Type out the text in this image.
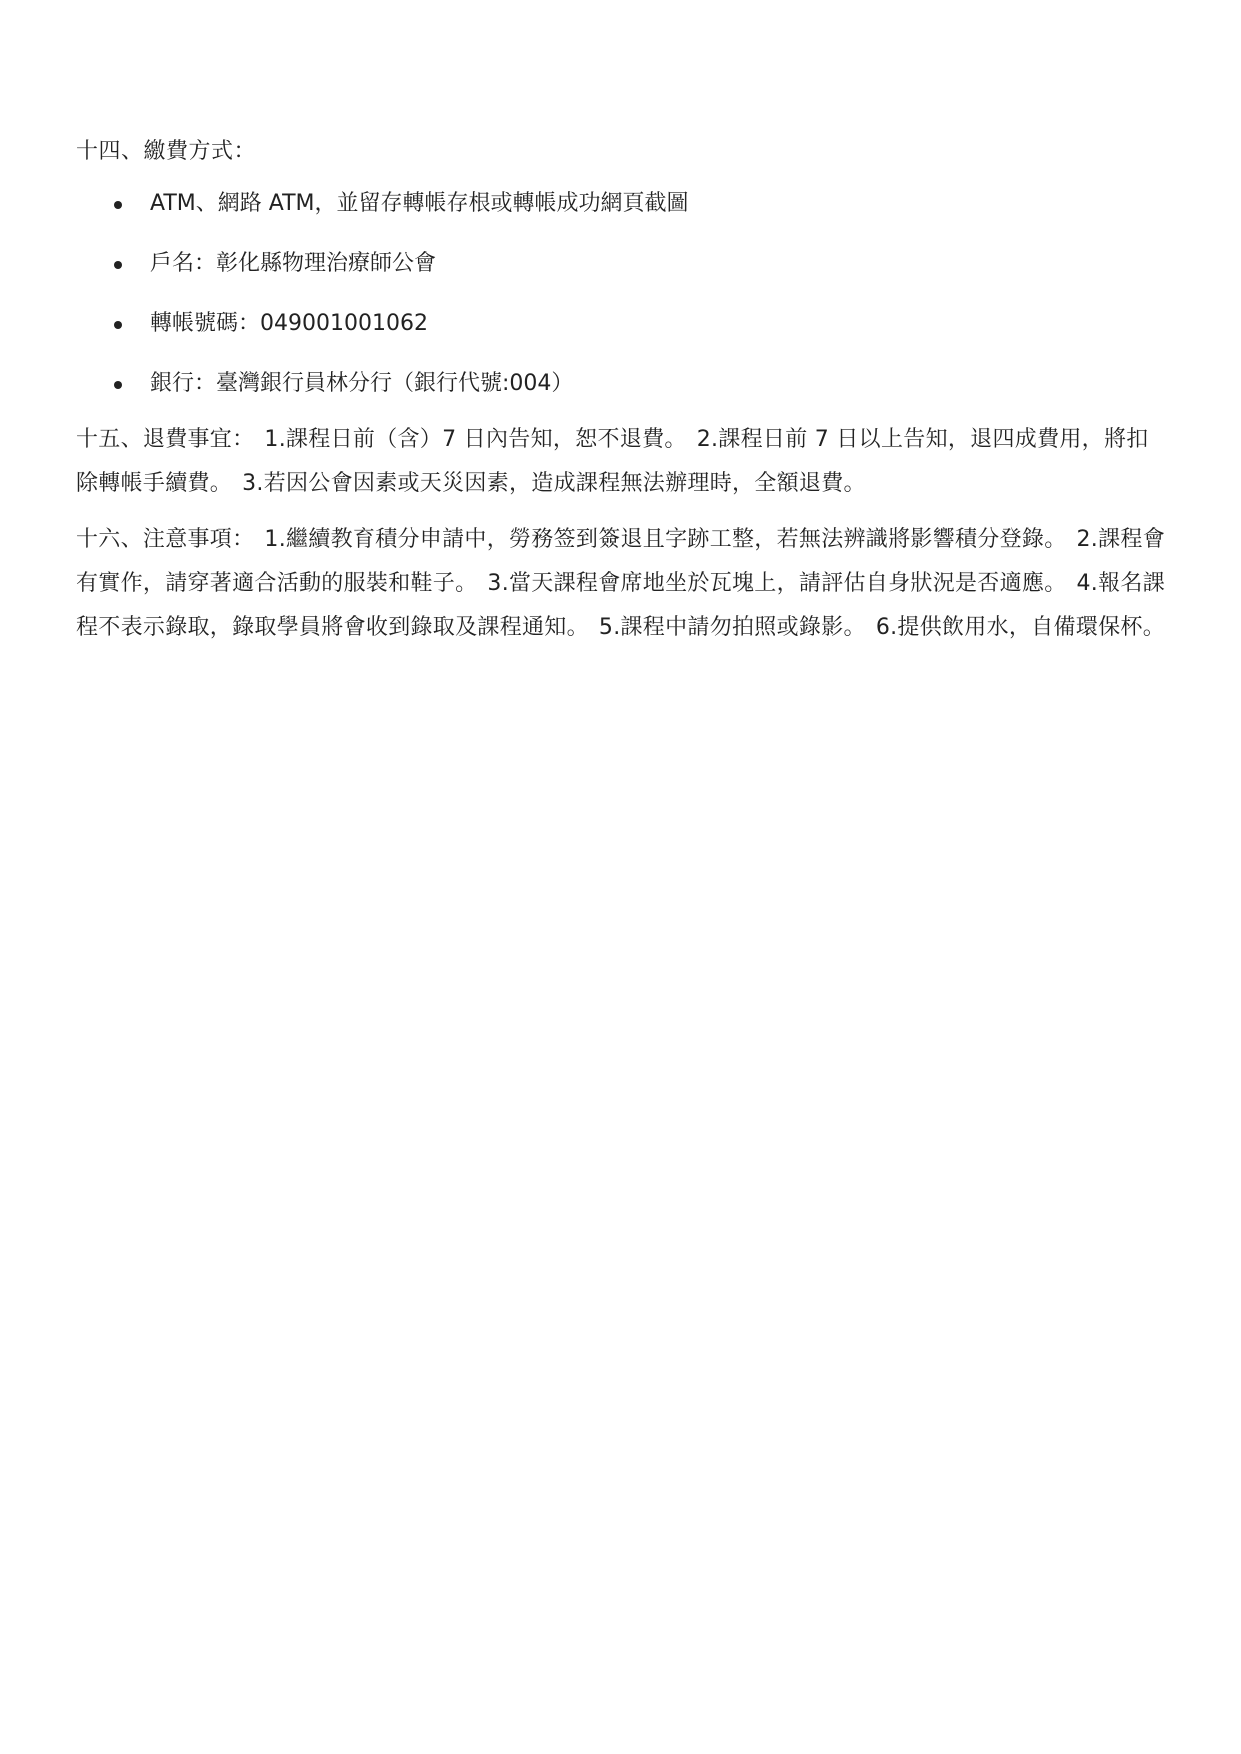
十四、繳費方式：
ATM、網路 ATM，並留存轉帳存根或轉帳成功網頁截圖
戶名：彰化縣物理治療師公會
轉帳號碼：049001001062
銀行：臺灣銀行員林分行（銀行代號:004）

十五、退費事宜： 1.課程日前（含）7 日內告知，恕不退費。 2.課程日前 7 日以上告知，退四成費用，將扣除轉帳手續費。 3.若因公會因素或天災因素，造成課程無法辦理時，全額退費。

十六、注意事項： 1.繼續教育積分申請中，勞務签到簽退且字跡工整，若無法辨識將影響積分登錄。 2.課程會有實作，請穿著適合活動的服裝和鞋子。 3.當天課程會席地坐於瓦塊上，請評估自身狀況是否適應。 4.報名課程不表示錄取，錄取學員將會收到錄取及課程通知。 5.課程中請勿拍照或錄影。 6.提供飲用水，自備環保杯。
